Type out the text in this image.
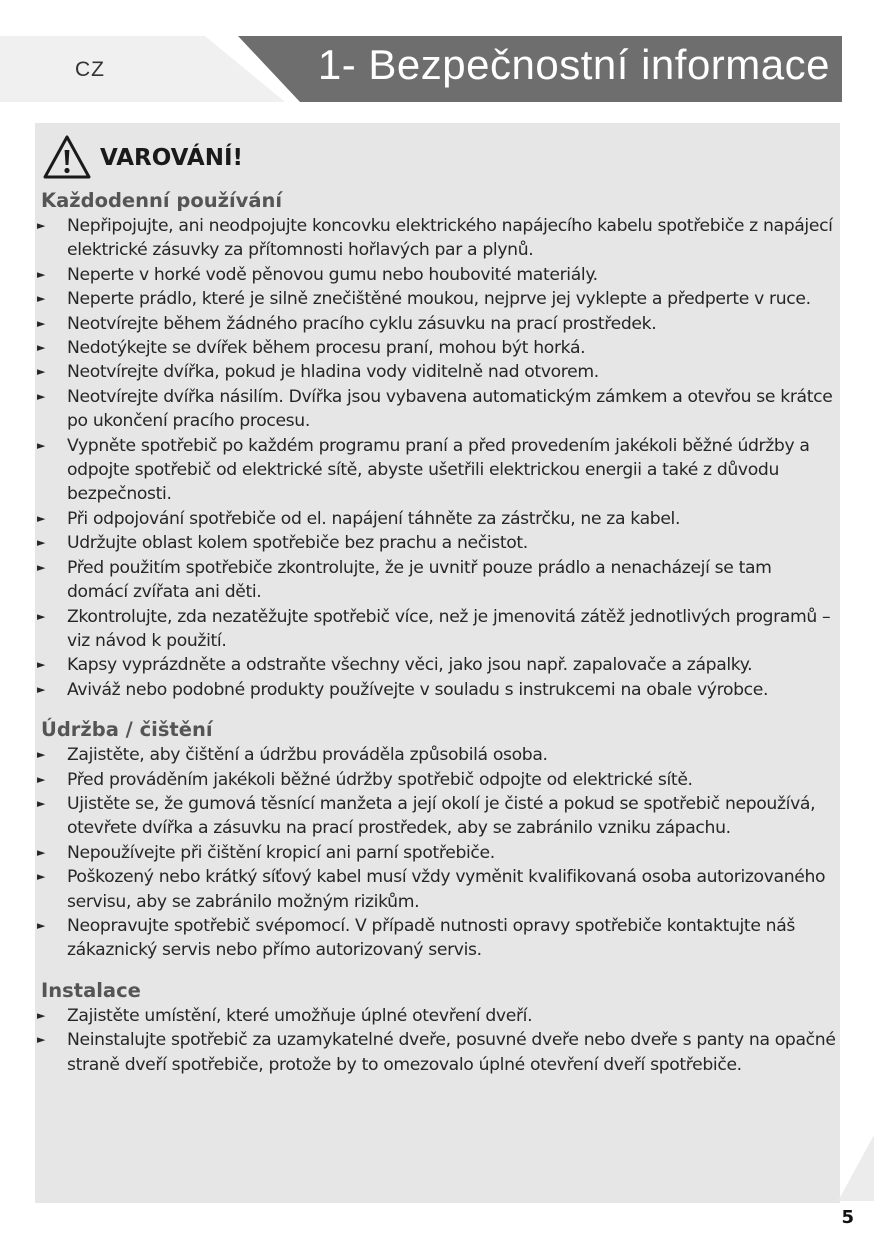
CZ	1- Bezpečnostní informace
VAROVÁNÍ!
Každodenní používání
► Nepřipojujte, ani neodpojujte koncovku elektrického napájecího kabelu spotřebiče z napájecí elektrické zásuvky za přítomnosti hořlavých par a plynů.
► Neperte v horké vodě pěnovou gumu nebo houbovité materiály.
► Neperte prádlo, které je silně znečištěné moukou, nejprve jej vyklepte a předperte v ruce.
► Neotvírejte během žádného pracího cyklu zásuvku na prací prostředek.
► Nedotýkejte se dvířek během procesu praní, mohou být horká.
► Neotvírejte dvířka, pokud je hladina vody viditelně nad otvorem.
► Neotvírejte dvířka násilím. Dvířka jsou vybavena automatickým zámkem a otevřou se krátce po ukončení pracího procesu.
► Vypněte spotřebič po každém programu praní a před provedením jakékoli běžné údržby a odpojte spotřebič od elektrické sítě, abyste ušetřili elektrickou energii a také z důvodu bezpečnosti.
► Při odpojování spotřebiče od el. napájení táhněte za zástrčku, ne za kabel.
► Udržujte oblast kolem spotřebiče bez prachu a nečistot.
► Před použitím spotřebiče zkontrolujte, že je uvnitř pouze prádlo a nenacházejí se tam domácí zvířata ani děti.
► Zkontrolujte, zda nezatěžujte spotřebič více, než je jmenovitá zátěž jednotlivých programů – viz návod k použití.
► Kapsy vyprázdněte a odstraňte všechny věci, jako jsou např. zapalovače a zápalky.
► Aviváž nebo podobné produkty používejte v souladu s instrukcemi na obale výrobce.
Údržba / čištění
► Zajistěte, aby čištění a údržbu prováděla způsobilá osoba.
► Před prováděním jakékoli běžné údržby spotřebič odpojte od elektrické sítě.
► Ujistěte se, že gumová těsnící manžeta a její okolí je čisté a pokud se spotřebič nepoužívá, otevřete dvířka a zásuvku na prací prostředek, aby se zabránilo vzniku zápachu.
► Nepoužívejte při čištění kropicí ani parní spotřebiče.
► Poškozený nebo krátký síťový kabel musí vždy vyměnit kvalifikovaná osoba autorizovaného servisu, aby se zabránilo možným rizikům.
► Neopravujte spotřebič svépomocí. V případě nutnosti opravy spotřebiče kontaktujte náš zákaznický servis nebo přímo autorizovaný servis.
Instalace
► Zajistěte umístění, které umožňuje úplné otevření dveří.
► Neinstalujte spotřebič za uzamykatelné dveře, posuvné dveře nebo dveře s panty na opačné straně dveří spotřebiče, protože by to omezovalo úplné otevření dveří spotřebiče.
5
